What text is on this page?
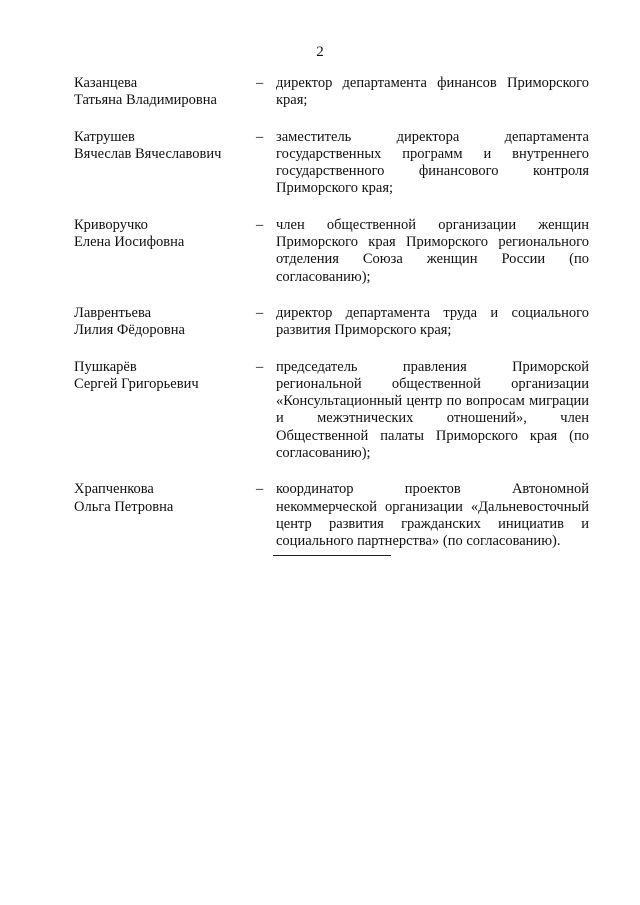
2
Казанцева
Татьяна Владимировна
– директор департамента финансов Приморского края;
Катрушев
Вячеслав Вячеславович
– заместитель директора департамента государственных программ и внутреннего государственного финансового контроля Приморского края;
Криворучко
Елена Иосифовна
– член общественной организации женщин Приморского края Приморского регионального отделения Союза женщин России (по согласованию);
Лаврентьева
Лилия Фёдоровна
– директор департамента труда и социального развития Приморского края;
Пушкарёв
Сергей Григорьевич
– председатель правления Приморской региональной общественной организации «Консультационный центр по вопросам миграции и межэтнических отношений», член Общественной палаты Приморского края (по согласованию);
Храпченкова
Ольга Петровна
– координатор проектов Автономной некоммерческой организации «Дальневосточный центр развития гражданских инициатив и социального партнерства» (по согласованию).
